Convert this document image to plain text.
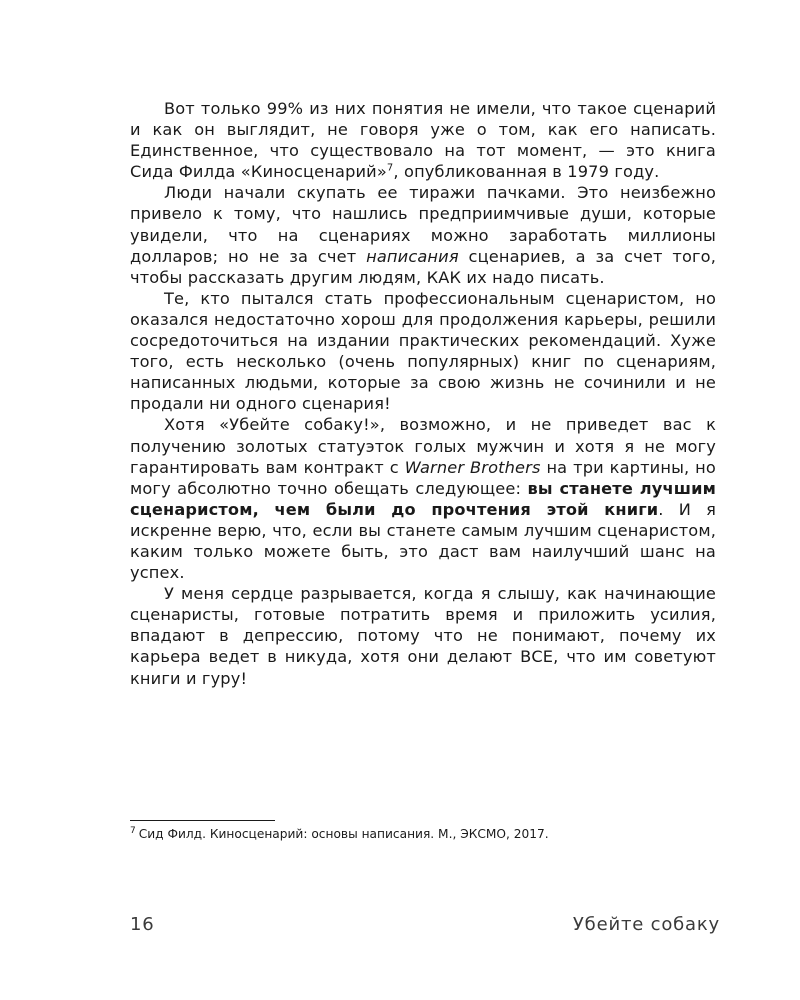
Вот только 99% из них понятия не имели, что такое сценарий и как он выглядит, не говоря уже о том, как его написать. Единственное, что существовало на тот момент, — это книга Сида Филда «Киносценарий»$^7$, опубликованная в 1979 году.

Люди начали скупать ее тиражи пачками. Это неизбежно привело к тому, что нашлись предприимчивые души, которые увидели, что на сценариях можно заработать миллионы долларов; но не за счет написания сценариев, а за счет того, чтобы рассказать другим людям, КАК их надо писать.

Те, кто пытался стать профессиональным сценаристом, но оказался недостаточно хорош для продолжения карьеры, решили сосредоточиться на издании практических рекомендаций. Хуже того, есть несколько (очень популярных) книг по сценариям, написанных людьми, которые за свою жизнь не сочинили и не продали ни одного сценария!

Хотя «Убейте собаку!», возможно, и не приведет вас к получению золотых статуэток голых мужчин и хотя я не могу гарантировать вам контракт с Warner Brothers на три картины, но могу абсолютно точно обещать следующее: вы станете лучшим сценаристом, чем были до прочтения этой книги. И я искренне верю, что, если вы станете самым лучшим сценаристом, каким только можете быть, это даст вам наилучший шанс на успех.

У меня сердце разрывается, когда я слышу, как начинающие сценаристы, готовые потратить время и приложить усилия, впадают в депрессию, потому что не понимают, почему их карьера ведет в никуда, хотя они делают ВСЕ, что им советуют книги и гуру!

$^7$ Сид Филд. Киносценарий: основы написания. М., ЭКСМО, 2017.
16	Убейте собаку
